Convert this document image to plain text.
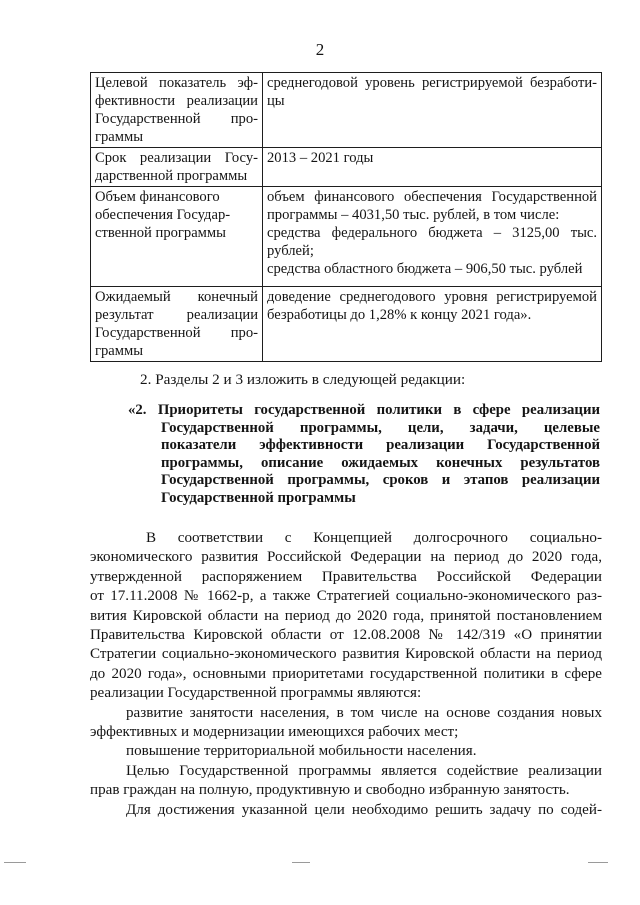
2
Целевой показатель эф-
фективности реализации
Государственной про-
граммы	среднегодовой уровень регистрируемой безработи-
цы

Срок реализации Госу-
дарственной программы	2013 – 2021 годы

Объем финансового
обеспечения Государ-
ственной программы	объем финансового обеспечения Государственной
программы – 4031,50 тыс. рублей, в том числе:
средства федерального бюджета – 3125,00 тыс.
рублей;
средства областного бюджета – 906,50 тыс. рублей

Ожидаемый конечный
результат реализации
Государственной про-
граммы	доведение среднегодового уровня регистрируемой
безработицы до 1,28% к концу 2021 года».
2. Разделы 2 и 3 изложить в следующей редакции:
«2. Приоритеты государственной политики в сфере реализации
Государственной программы, цели, задачи, целевые
показатели эффективности реализации Государственной
программы, описание ожидаемых конечных результатов
Государственной программы, сроков и этапов реализации
Государственной программы
В соответствии с Концепцией долгосрочного социально-
экономического развития Российской Федерации на период до 2020 года,
утвержденной распоряжением Правительства Российской Федерации
от 17.11.2008 № 1662-р, а также Стратегией социально-экономического раз-
вития Кировской области на период до 2020 года, принятой постановлением
Правительства Кировской области от 12.08.2008 № 142/319 «О принятии
Стратегии социально-экономического развития Кировской области на период
до 2020 года», основными приоритетами государственной политики в сфере
реализации Государственной программы являются:
развитие занятости населения, в том числе на основе создания новых
эффективных и модернизации имеющихся рабочих мест;
повышение территориальной мобильности населения.
Целью Государственной программы является содействие реализации
прав граждан на полную, продуктивную и свободно избранную занятость.
Для достижения указанной цели необходимо решить задачу по содей-
